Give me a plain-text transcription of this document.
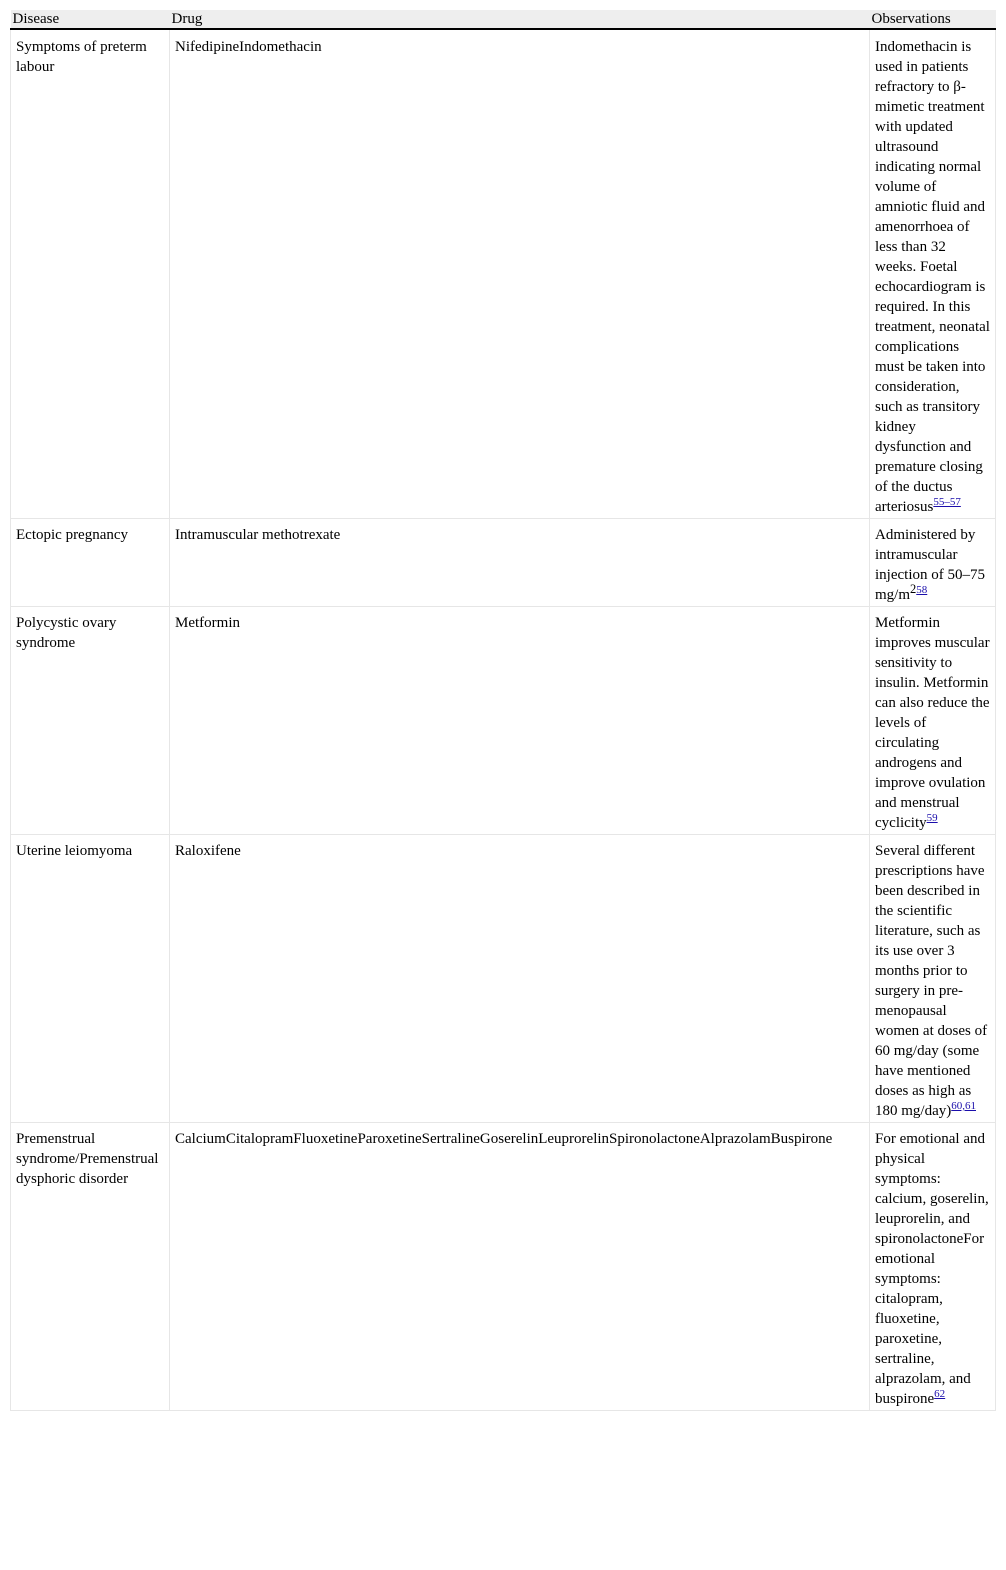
Disease	Drug	Observations
Symptoms of preterm labour	NifedipineIndomethacin	Indomethacin is used in patients refractory to β-mimetic treatment with updated ultrasound indicating normal volume of amniotic fluid and amenorrhoea of less than 32 weeks. Foetal echocardiogram is required. In this treatment, neonatal complications must be taken into consideration, such as transitory kidney dysfunction and premature closing of the ductus arteriosus$^{55-57}$
Ectopic pregnancy	Intramuscular methotrexate	Administered by intramuscular injection of 50–75 mg/m$^{258}$
Polycystic ovary syndrome	Metformin	Metformin improves muscular sensitivity to insulin. Metformin can also reduce the levels of circulating androgens and improve ovulation and menstrual cyclicity$^{59}$
Uterine leiomyoma	Raloxifene	Several different prescriptions have been described in the scientific literature, such as its use over 3 months prior to surgery in pre-menopausal women at doses of 60 mg/day (some have mentioned doses as high as 180 mg/day)$^{60,61}$
Premenstrual syndrome/Premenstrual dysphoric disorder	CalciumCitalopramFluoxetineParoxetineSertralineGoserelinLeuprorelinSpironolactoneAlprazolamBuspirone	For emotional and physical symptoms: calcium, goserelin, leuprorelin, and spironolactoneFor emotional symptoms: citalopram, fluoxetine, paroxetine, sertraline, alprazolam, and buspirone$^{62}$
